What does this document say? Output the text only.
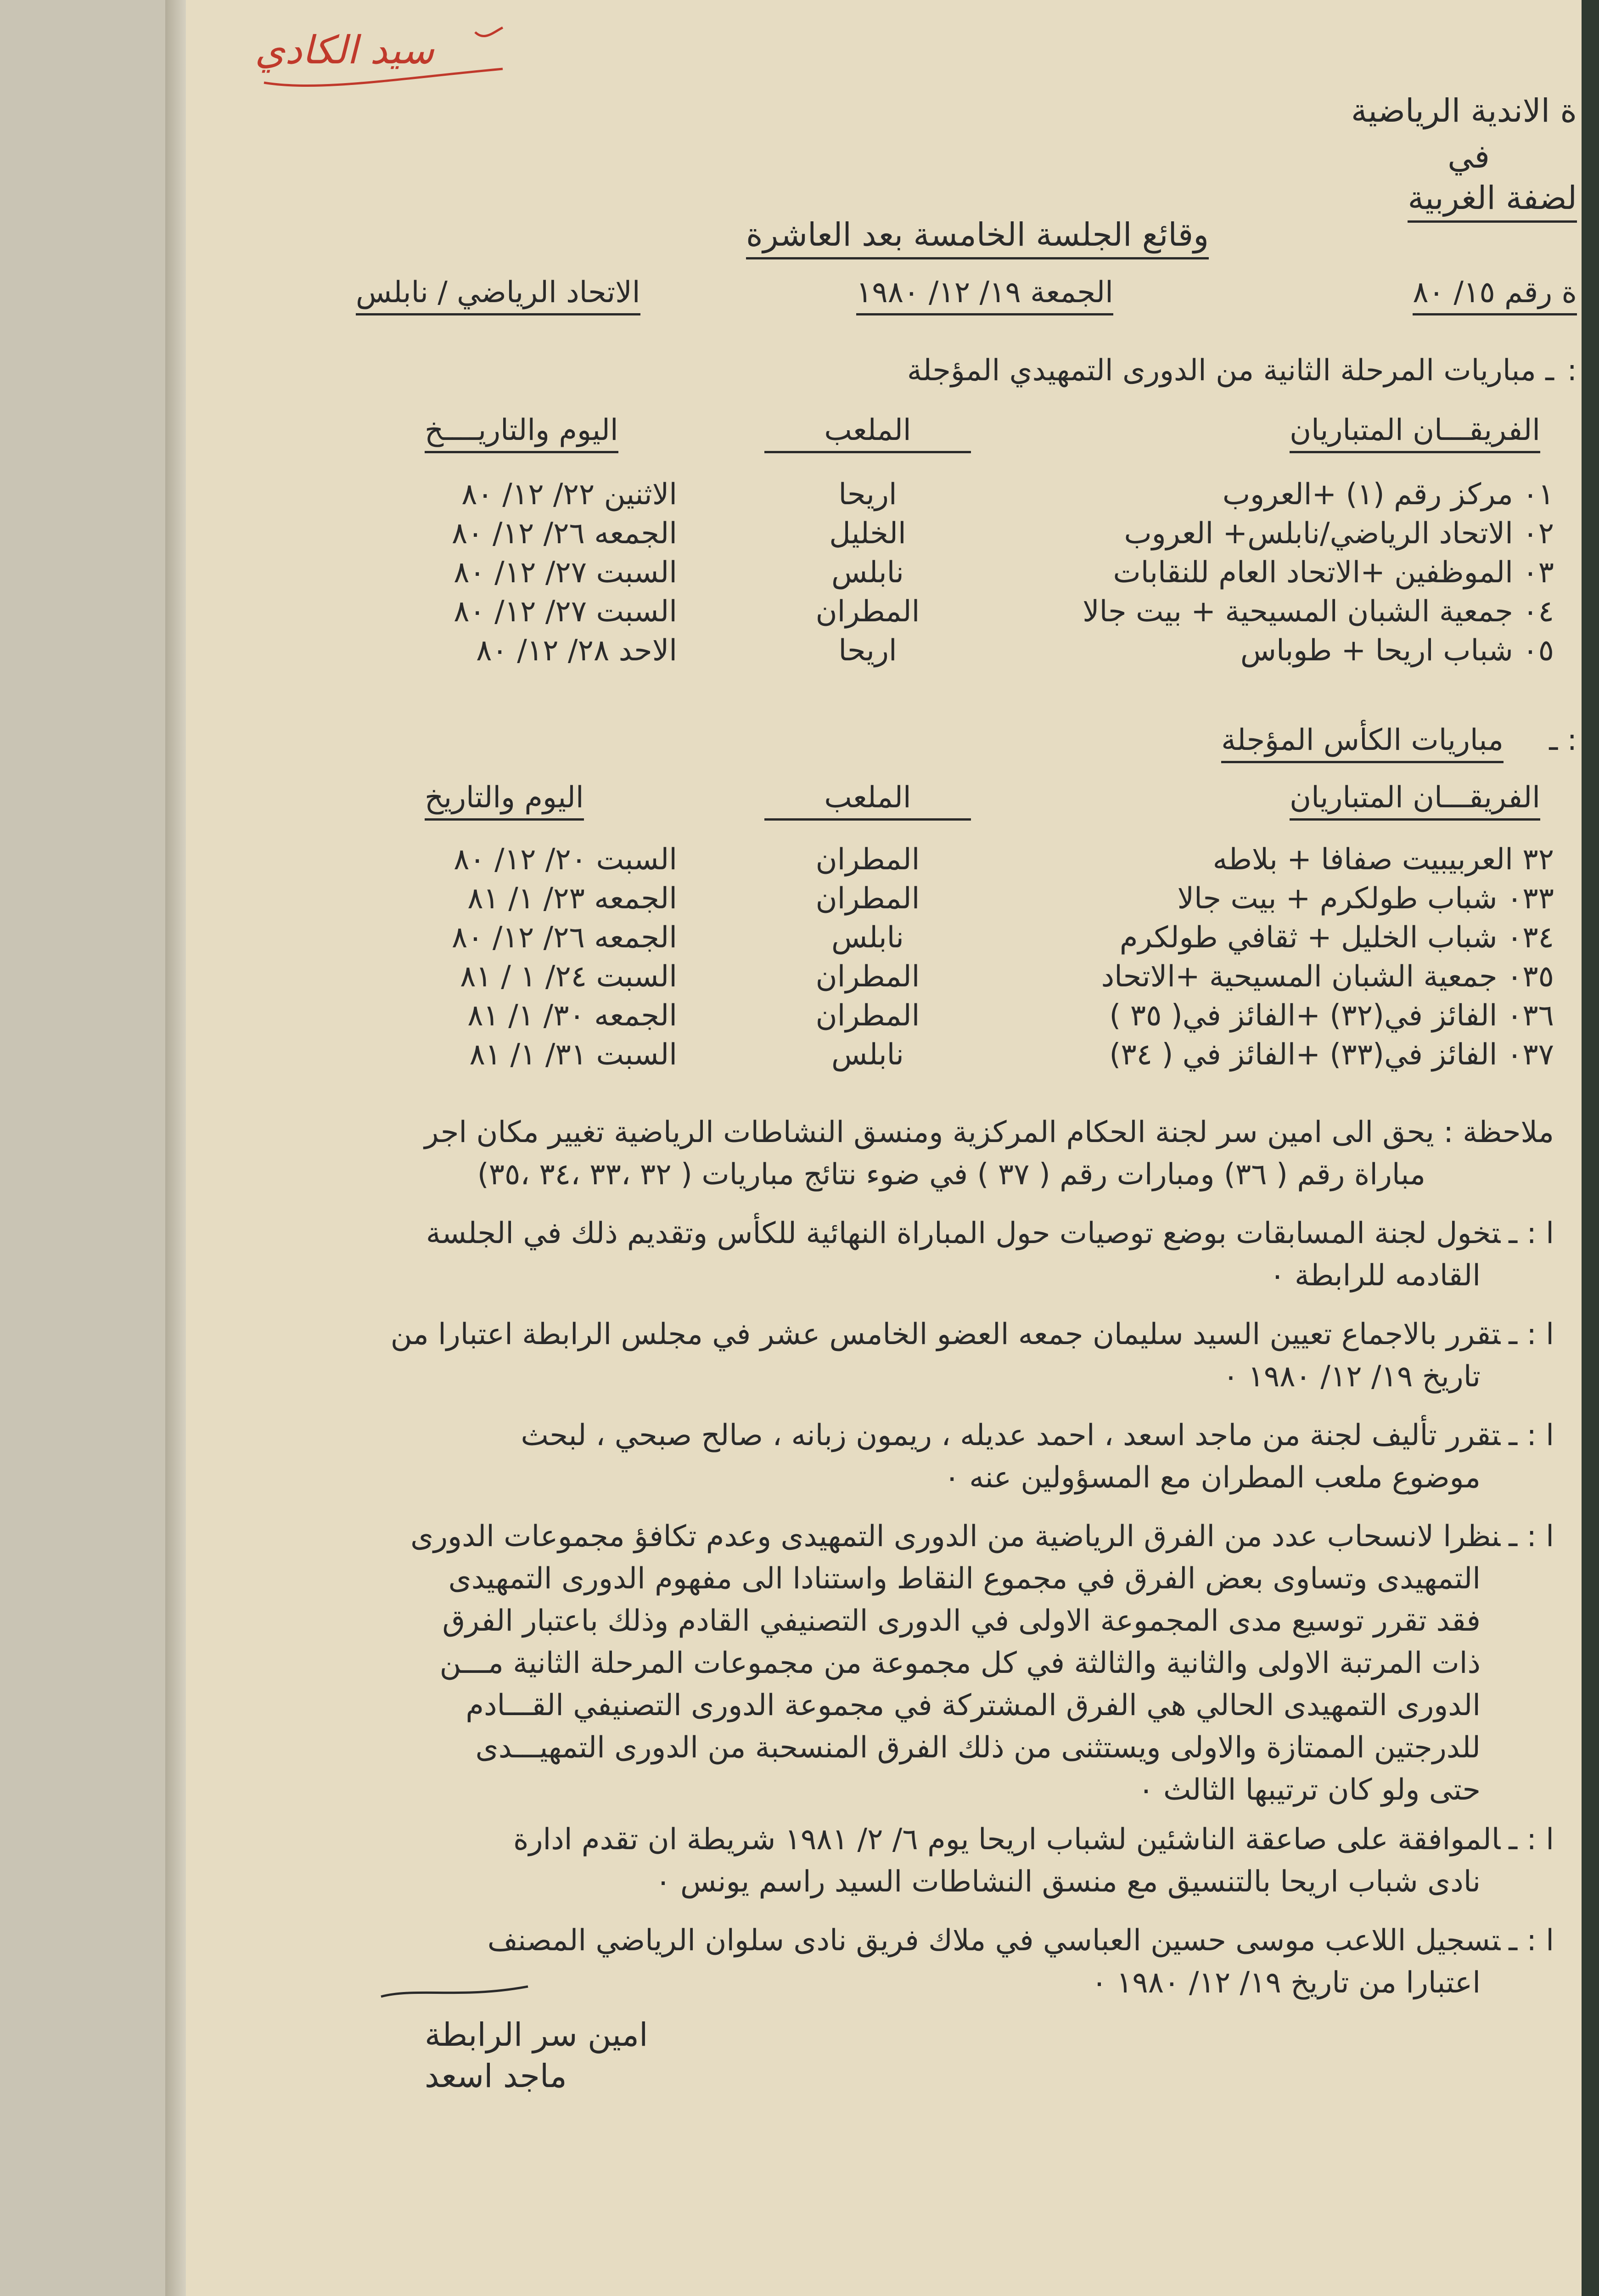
سيد الكادي
ة الاندية الرياضية
في
لضفة الغربية
وقائع الجلسة الخامسة بعد العاشرة
ة رقم ١٥/ ٨٠
الجمعة ١٩/ ١٢/ ١٩٨٠
الاتحاد الرياضي / نابلس
:
ـ مباريات المرحلة الثانية من الدورى التمهيدي المؤجلة
الفريقـــان المتباريان
الملعب
اليوم والتاريــــخ
٠١ مركز رقم (١) +العروب
اريحا
الاثنين ٢٢/ ١٢/ ٨٠
٠٢ الاتحاد الرياضي/نابلس+ العروب
الخليل
الجمعه ٢٦/ ١٢/ ٨٠
٠٣ الموظفين +الاتحاد العام للنقابات
نابلس
السبت ٢٧/ ١٢/ ٨٠
٠٤ جمعية الشبان المسيحية + بيت جالا
المطران
السبت ٢٧/ ١٢/ ٨٠
٠٥ شباب اريحا + طوباس
اريحا
الاحد ٢٨/ ١٢/ ٨٠
: ـ
مباريات الكأس المؤجلة
الفريقـــان المتباريان
الملعب
اليوم والتاريخ
٣٢ العربيبيت صفافا + بلاطه
المطران
السبت ٢٠/ ١٢/ ٨٠
٠٣٣ شباب طولكرم + بيت جالا
المطران
الجمعه ٢٣/ ١/ ٨١
٠٣٤ شباب الخليل + ثقافي طولكرم
نابلس
الجمعه ٢٦/ ١٢/ ٨٠
٠٣٥ جمعية الشبان المسيحية +الاتحاد
المطران
السبت ٢٤/ ١ / ٨١
٠٣٦ الفائز في(٣٢) +الفائز في( ٣٥ )
المطران
الجمعه ٣٠/ ١/ ٨١
٠٣٧ الفائز في(٣٣) +الفائز في ( ٣٤)
نابلس
السبت ٣١/ ١/ ٨١
ملاحظة : يحق الى امين سر لجنة الحكام المركزية ومنسق النشاطات الرياضية تغيير مكان اجر
مباراة رقم ( ٣٦) ومبارات رقم ( ٣٧ ) في ضوء نتائج مباريات ( ٣٢ ،٣٣ ،٣٤ ،٣٥)
ا : ـتخول لجنة المسابقات بوضع توصيات حول المباراة النهائية للكأس وتقديم ذلك في الجلسة
القادمه للرابطة ٠
ا : ـتقرر بالاجماع تعيين السيد سليمان جمعه العضو الخامس عشر في مجلس الرابطة اعتبارا من
تاريخ ١٩/ ١٢/ ١٩٨٠ ٠
ا : ـتقرر تأليف لجنة من ماجد اسعد ، احمد عديله ، ريمون زبانه ، صالح صبحي ، لبحث
موضوع ملعب المطران مع المسؤولين عنه ٠
ا : ـنظرا لانسحاب عدد من الفرق الرياضية من الدورى التمهيدى وعدم تكافؤ مجموعات الدورى
التمهيدى وتساوى بعض الفرق في مجموع النقاط واستنادا الى مفهوم الدورى التمهيدى
فقد تقرر توسيع مدى المجموعة الاولى في الدورى التصنيفي القادم وذلك باعتبار الفرق
ذات المرتبة الاولى والثانية والثالثة في كل مجموعة من مجموعات المرحلة الثانية مـــن
الدورى التمهيدى الحالي هي الفرق المشتركة في مجموعة الدورى التصنيفي القـــادم
للدرجتين الممتازة والاولى ويستثنى من ذلك الفرق المنسحبة من الدورى التمهيـــدى
حتى ولو كان ترتيبها الثالث ٠
ا : ـالموافقة على صاعقة الناشئين لشباب اريحا يوم ٦/ ٢/ ١٩٨١ شريطة ان تقدم ادارة
نادى شباب اريحا بالتنسيق مع منسق النشاطات السيد راسم يونس ٠
ا : ـتسجيل اللاعب موسى حسين العباسي في ملاك فريق نادى سلوان الرياضي المصنف
اعتبارا من تاريخ ١٩/ ١٢/ ١٩٨٠ ٠
امين سر الرابطة
ماجد اسعد
